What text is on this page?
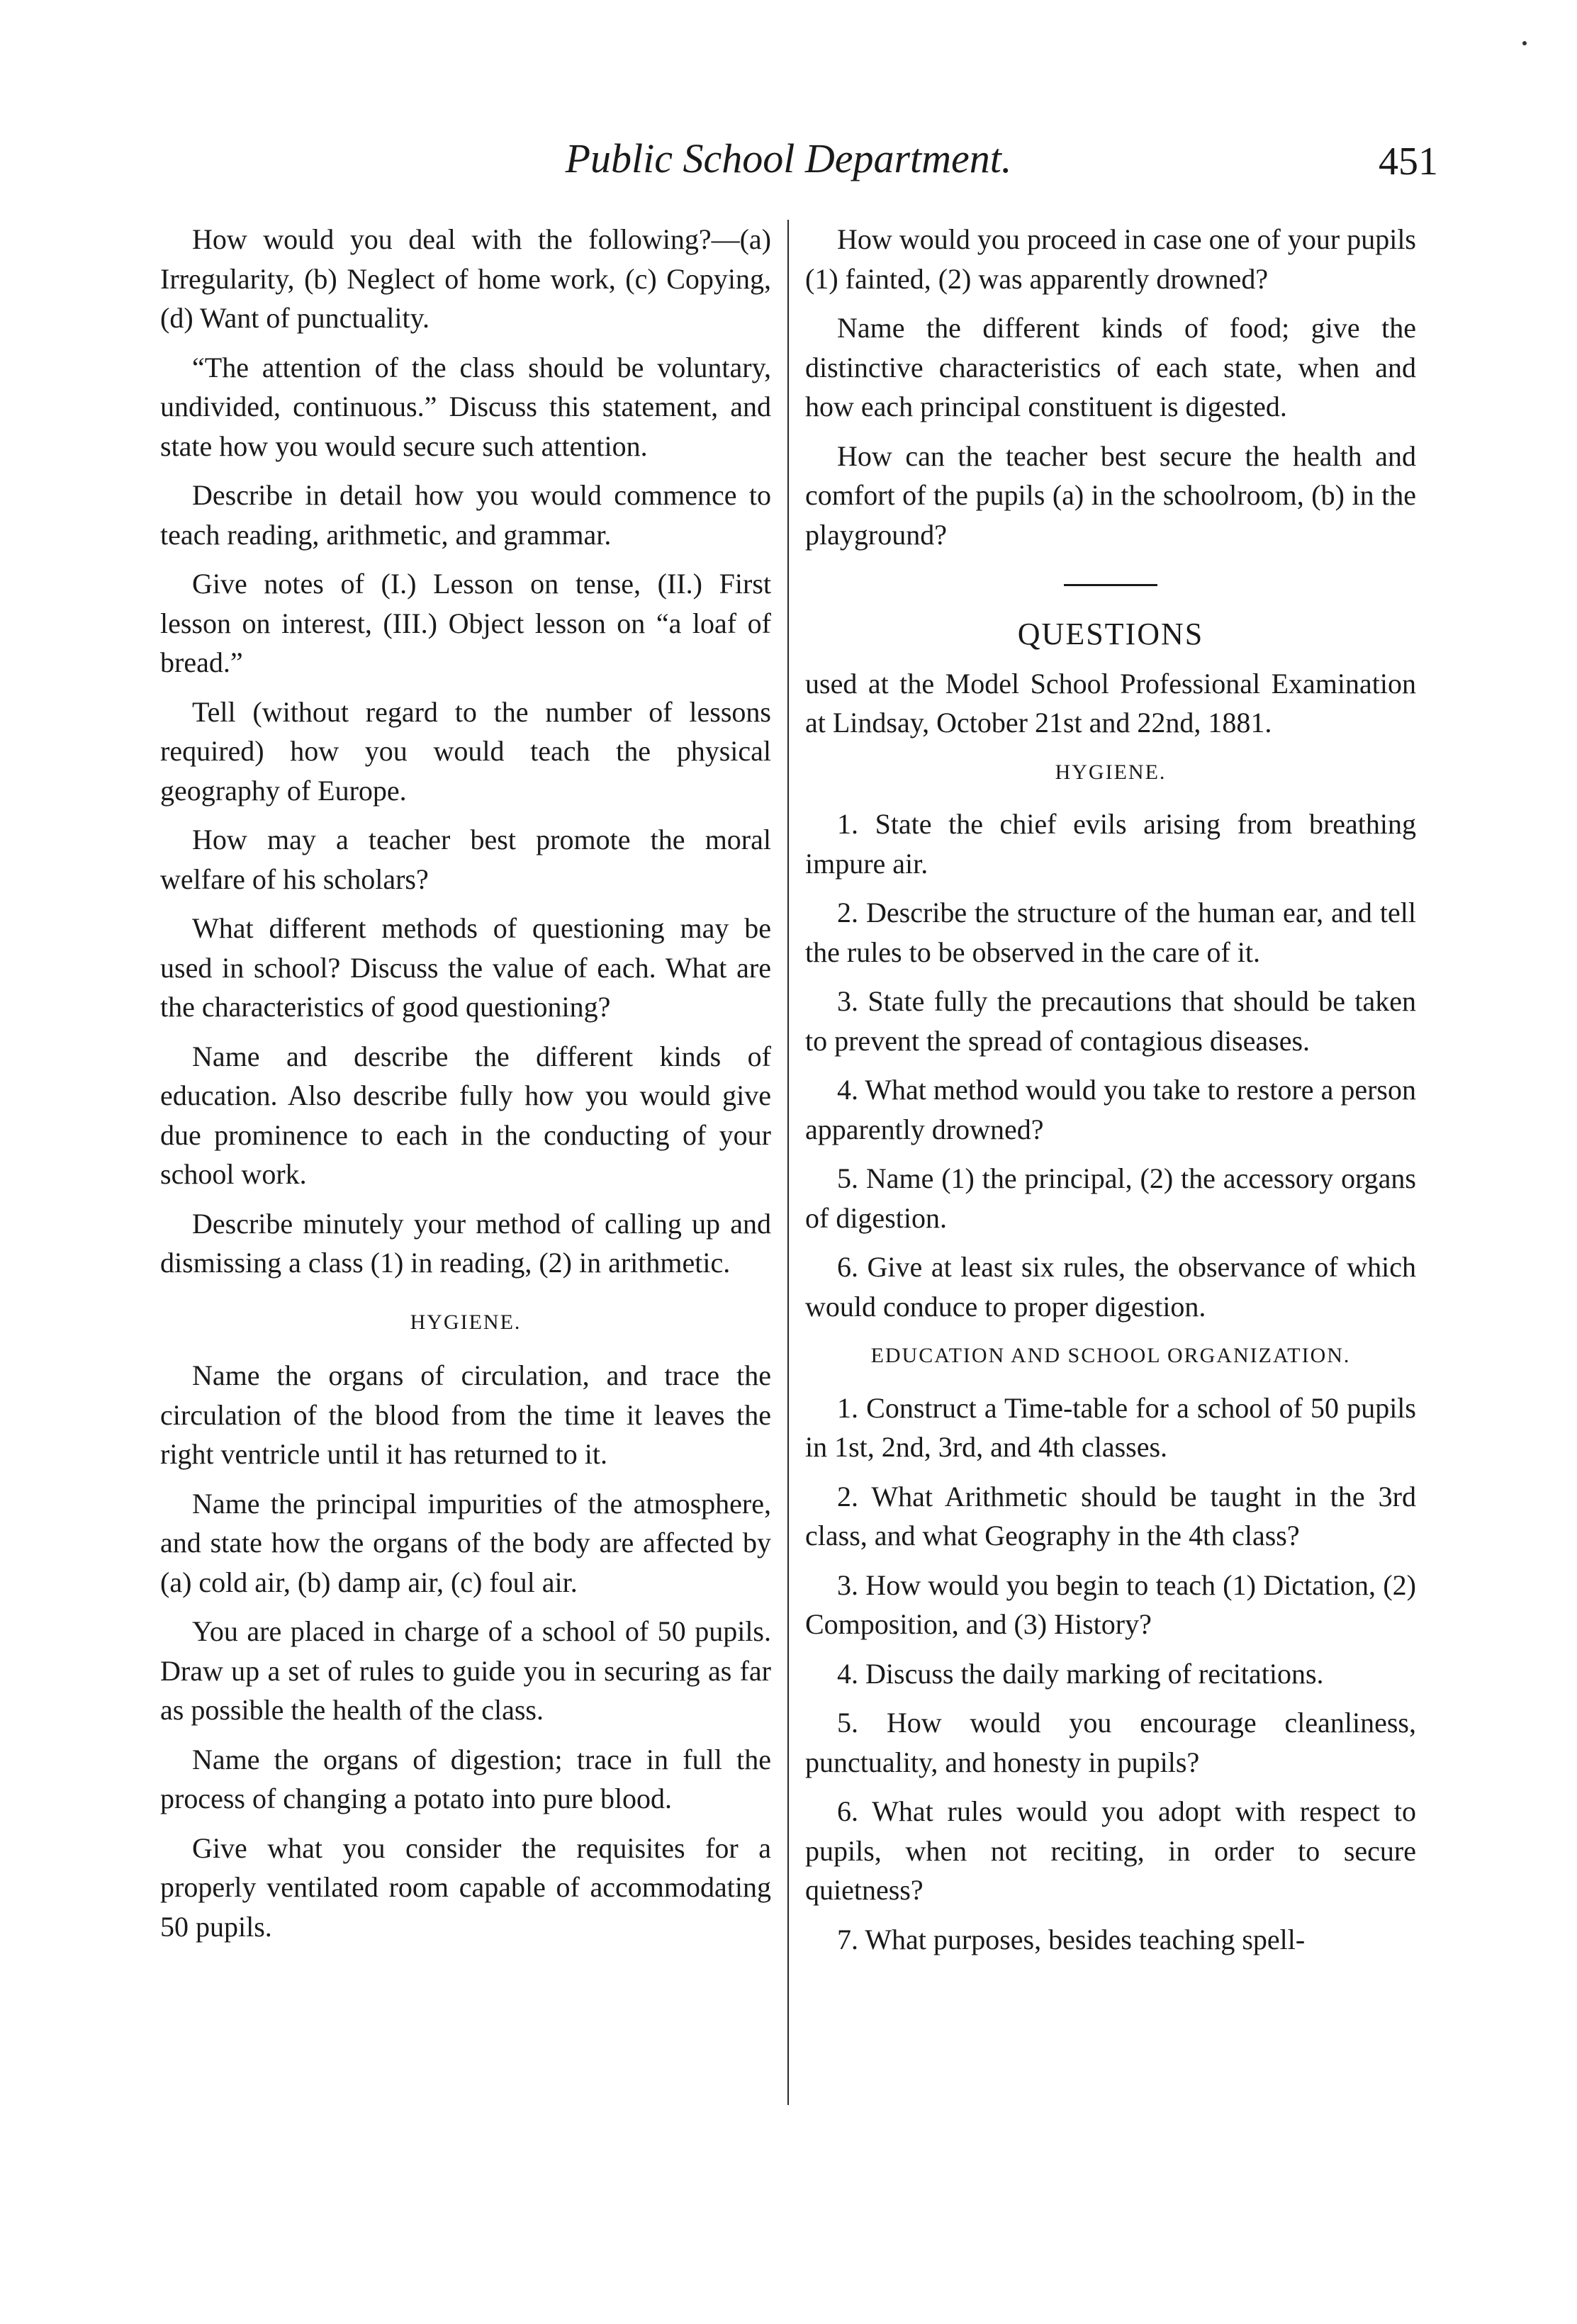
Public School Department.	451

How would you deal with the following?—(a) Irregularity, (b) Neglect of home work, (c) Copying, (d) Want of punctuality.

“The attention of the class should be voluntary, undivided, continuous.” Discuss this statement, and state how you would secure such attention.

Describe in detail how you would commence to teach reading, arithmetic, and grammar.

Give notes of (I.) Lesson on tense, (II.) First lesson on interest, (III.) Object lesson on “a loaf of bread.”

Tell (without regard to the number of lessons required) how you would teach the physical geography of Europe.

How may a teacher best promote the moral welfare of his scholars?

What different methods of questioning may be used in school? Discuss the value of each. What are the characteristics of good questioning?

Name and describe the different kinds of education. Also describe fully how you would give due prominence to each in the conducting of your school work.

Describe minutely your method of calling up and dismissing a class (1) in reading, (2) in arithmetic.

HYGIENE.

Name the organs of circulation, and trace the circulation of the blood from the time it leaves the right ventricle until it has returned to it.

Name the principal impurities of the atmosphere, and state how the organs of the body are affected by (a) cold air, (b) damp air, (c) foul air.

You are placed in charge of a school of 50 pupils. Draw up a set of rules to guide you in securing as far as possible the health of the class.

Name the organs of digestion; trace in full the process of changing a potato into pure blood.

Give what you consider the requisites for a properly ventilated room capable of accommodating 50 pupils.

How would you proceed in case one of your pupils (1) fainted, (2) was apparently drowned?

Name the different kinds of food; give the distinctive characteristics of each state, when and how each principal constituent is digested.

How can the teacher best secure the health and comfort of the pupils (a) in the schoolroom, (b) in the playground?

QUESTIONS

used at the Model School Professional Examination at Lindsay, October 21st and 22nd, 1881.

HYGIENE.

1. State the chief evils arising from breathing impure air.

2. Describe the structure of the human ear, and tell the rules to be observed in the care of it.

3. State fully the precautions that should be taken to prevent the spread of contagious diseases.

4. What method would you take to restore a person apparently drowned?

5. Name (1) the principal, (2) the accessory organs of digestion.

6. Give at least six rules, the observance of which would conduce to proper digestion.

EDUCATION AND SCHOOL ORGANIZATION.

1. Construct a Time-table for a school of 50 pupils in 1st, 2nd, 3rd, and 4th classes.

2. What Arithmetic should be taught in the 3rd class, and what Geography in the 4th class?

3. How would you begin to teach (1) Dictation, (2) Composition, and (3) History?

4. Discuss the daily marking of recitations.

5. How would you encourage cleanliness, punctuality, and honesty in pupils?

6. What rules would you adopt with respect to pupils, when not reciting, in order to secure quietness?

7. What purposes, besides teaching spell-
